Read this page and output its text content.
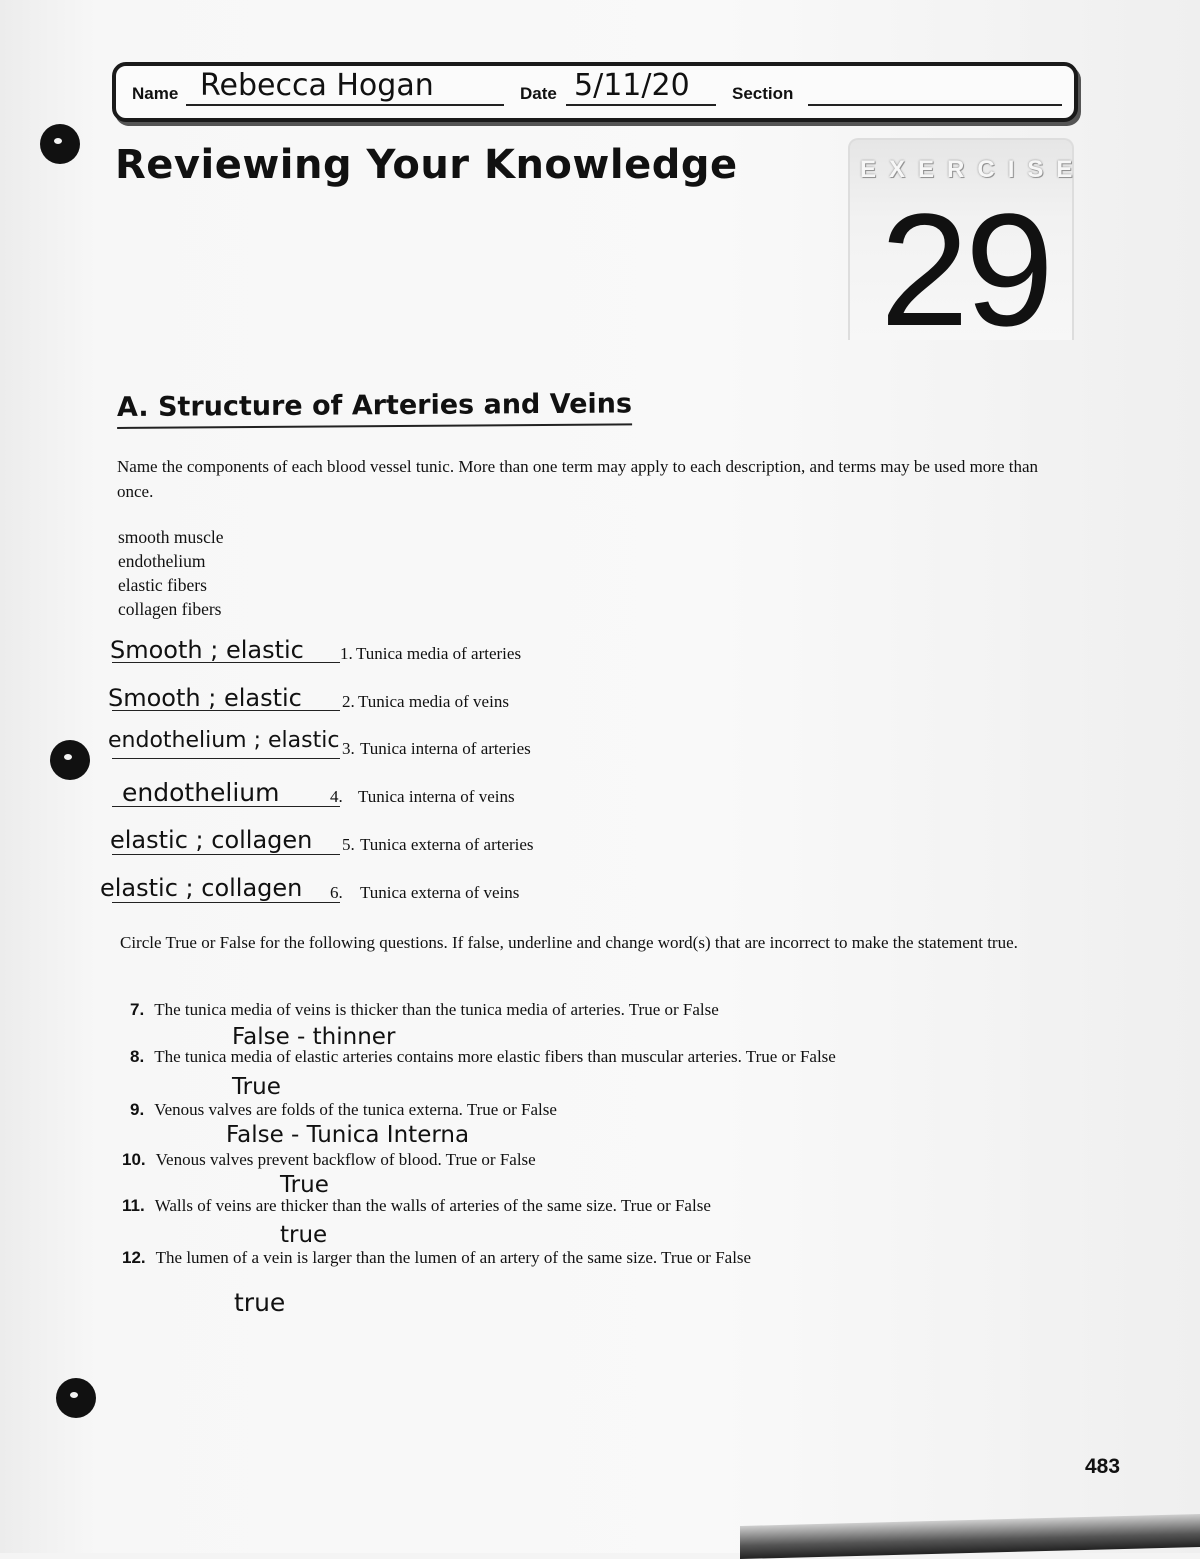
Name Rebecca Hogan	Date 5/11/20 Section
Reviewing Your Knowledge	EXERCISE
29
A. Structure of Arteries and Veins
Name the components of each blood vessel tunic. More than one term may apply to each description, and terms may be used more than once.
smooth muscle
endothelium
elastic fibers
collagen fibers
Smooth ; elastic 1. Tunica media of arteries
Smooth ; elastic 2. Tunica media of veins
endothelium ; elastic 3. Tunica interna of arteries
endothelium	4. Tunica interna of veins
elastic ; collagen 5. Tunica externa of arteries
elastic ; collagen 6. Tunica externa of veins
Circle True or False for the following questions. If false, underline and change word(s) that are incorrect to make the statement true.
7. The tunica media of veins is thicker than the tunica media of arteries. True or False
False - thinner
8. The tunica media of elastic arteries contains more elastic fibers than muscular arteries. True or False
True
9. Venous valves are folds of the tunica externa. True or False
False - Tunica Interna
10. Venous valves prevent backflow of blood. True or False
True
11. Walls of veins are thicker than the walls of arteries of the same size. True or False
true
12. The lumen of a vein is larger than the lumen of an artery of the same size. True or False
true
483
